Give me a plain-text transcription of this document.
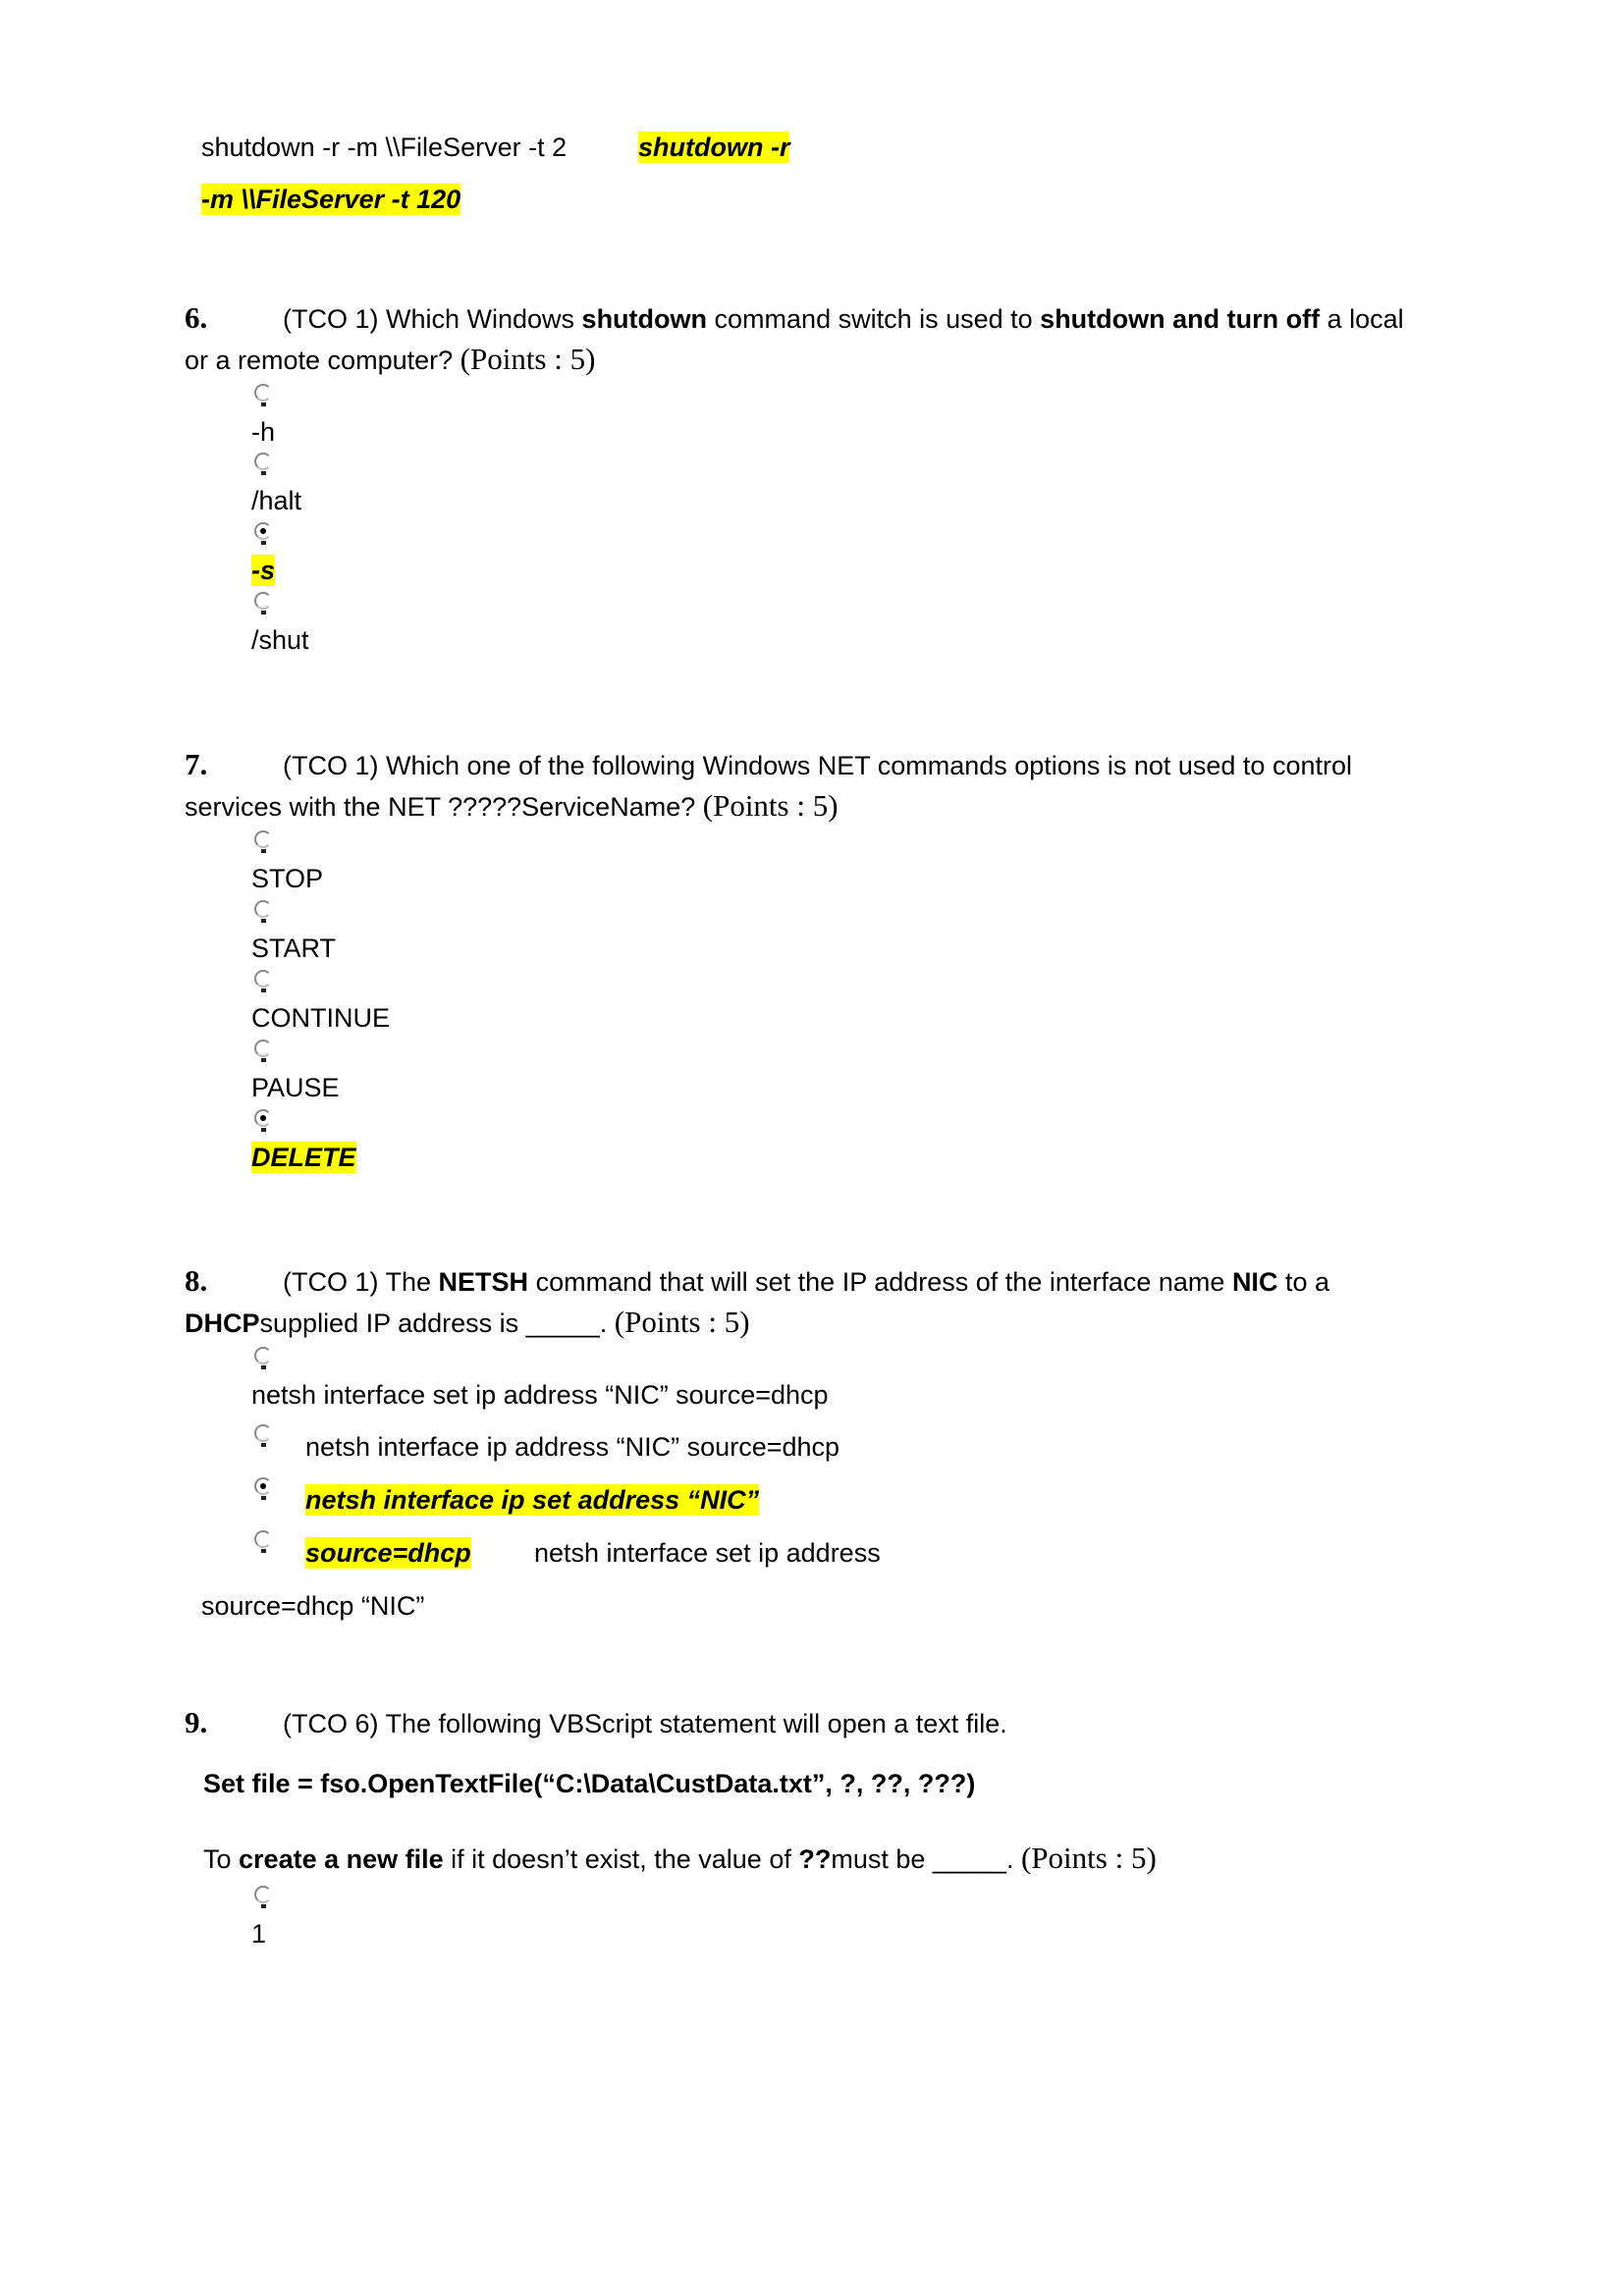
shutdown -r -m \\FileServer -t 2	shutdown -r
-m \\FileServer -t 120
6.	(TCO 1) Which Windows shutdown command switch is used to shutdown and turn off a local
or a remote computer? (Points : 5)
-h
/halt
-s
/shut
7.	(TCO 1) Which one of the following Windows NET commands options is not used to control
services with the NET ?????ServiceName? (Points : 5)
STOP
START
CONTINUE
PAUSE
DELETE
8.	(TCO 1) The NETSH command that will set the IP address of the interface name NIC to a
DHCPsupplied IP address is _____. (Points : 5)
netsh interface set ip address “NIC” source=dhcp
netsh interface ip address “NIC” source=dhcp
netsh interface ip set address “NIC”
source=dhcp netsh interface set ip address
source=dhcp “NIC”
9.	(TCO 6) The following VBScript statement will open a text file.
Set file = fso.OpenTextFile(“C:\Data\CustData.txt”, ?, ??, ???)
To create a new file if it doesn’t exist, the value of ??must be _____. (Points : 5)
1
